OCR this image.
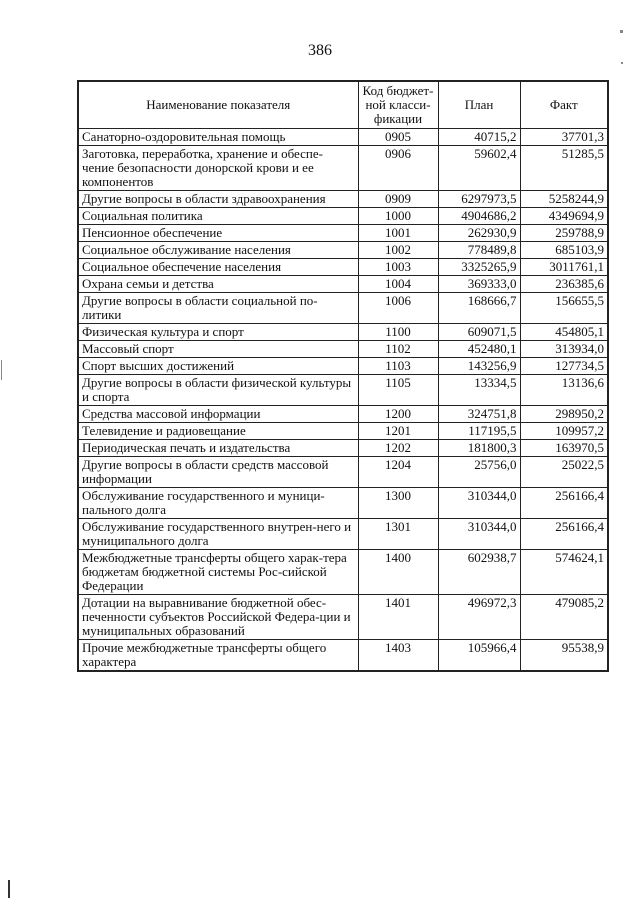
386
Наименование показателя	Код бюджет-ной класси-фикации	План	Факт
Санаторно-оздоровительная помощь	0905	40715,2	37701,3
Заготовка, переработка, хранение и обеспе-чение безопасности донорской крови и ее компонентов	0906	59602,4	51285,5
Другие вопросы в области здравоохранения	0909	6297973,5	5258244,9
Социальная политика	1000	4904686,2	4349694,9
Пенсионное обеспечение	1001	262930,9	259788,9
Социальное обслуживание населения	1002	778489,8	685103,9
Социальное обеспечение населения	1003	3325265,9	3011761,1
Охрана семьи и детства	1004	369333,0	236385,6
Другие вопросы в области социальной по-литики	1006	168666,7	156655,5
Физическая культура и спорт	1100	609071,5	454805,1
Массовый спорт	1102	452480,1	313934,0
Спорт высших достижений	1103	143256,9	127734,5
Другие вопросы в области физической культуры и спорта	1105	13334,5	13136,6
Средства массовой информации	1200	324751,8	298950,2
Телевидение и радиовещание	1201	117195,5	109957,2
Периодическая печать и издательства	1202	181800,3	163970,5
Другие вопросы в области средств массовой информации	1204	25756,0	25022,5
Обслуживание государственного и муници-пального долга	1300	310344,0	256166,4
Обслуживание государственного внутрен-него и муниципального долга	1301	310344,0	256166,4
Межбюджетные трансферты общего харак-тера бюджетам бюджетной системы Рос-сийской Федерации	1400	602938,7	574624,1
Дотации на выравнивание бюджетной обес-печенности субъектов Российской Федера-ции и муниципальных образований	1401	496972,3	479085,2
Прочие межбюджетные трансферты общего характера	1403	105966,4	95538,9
